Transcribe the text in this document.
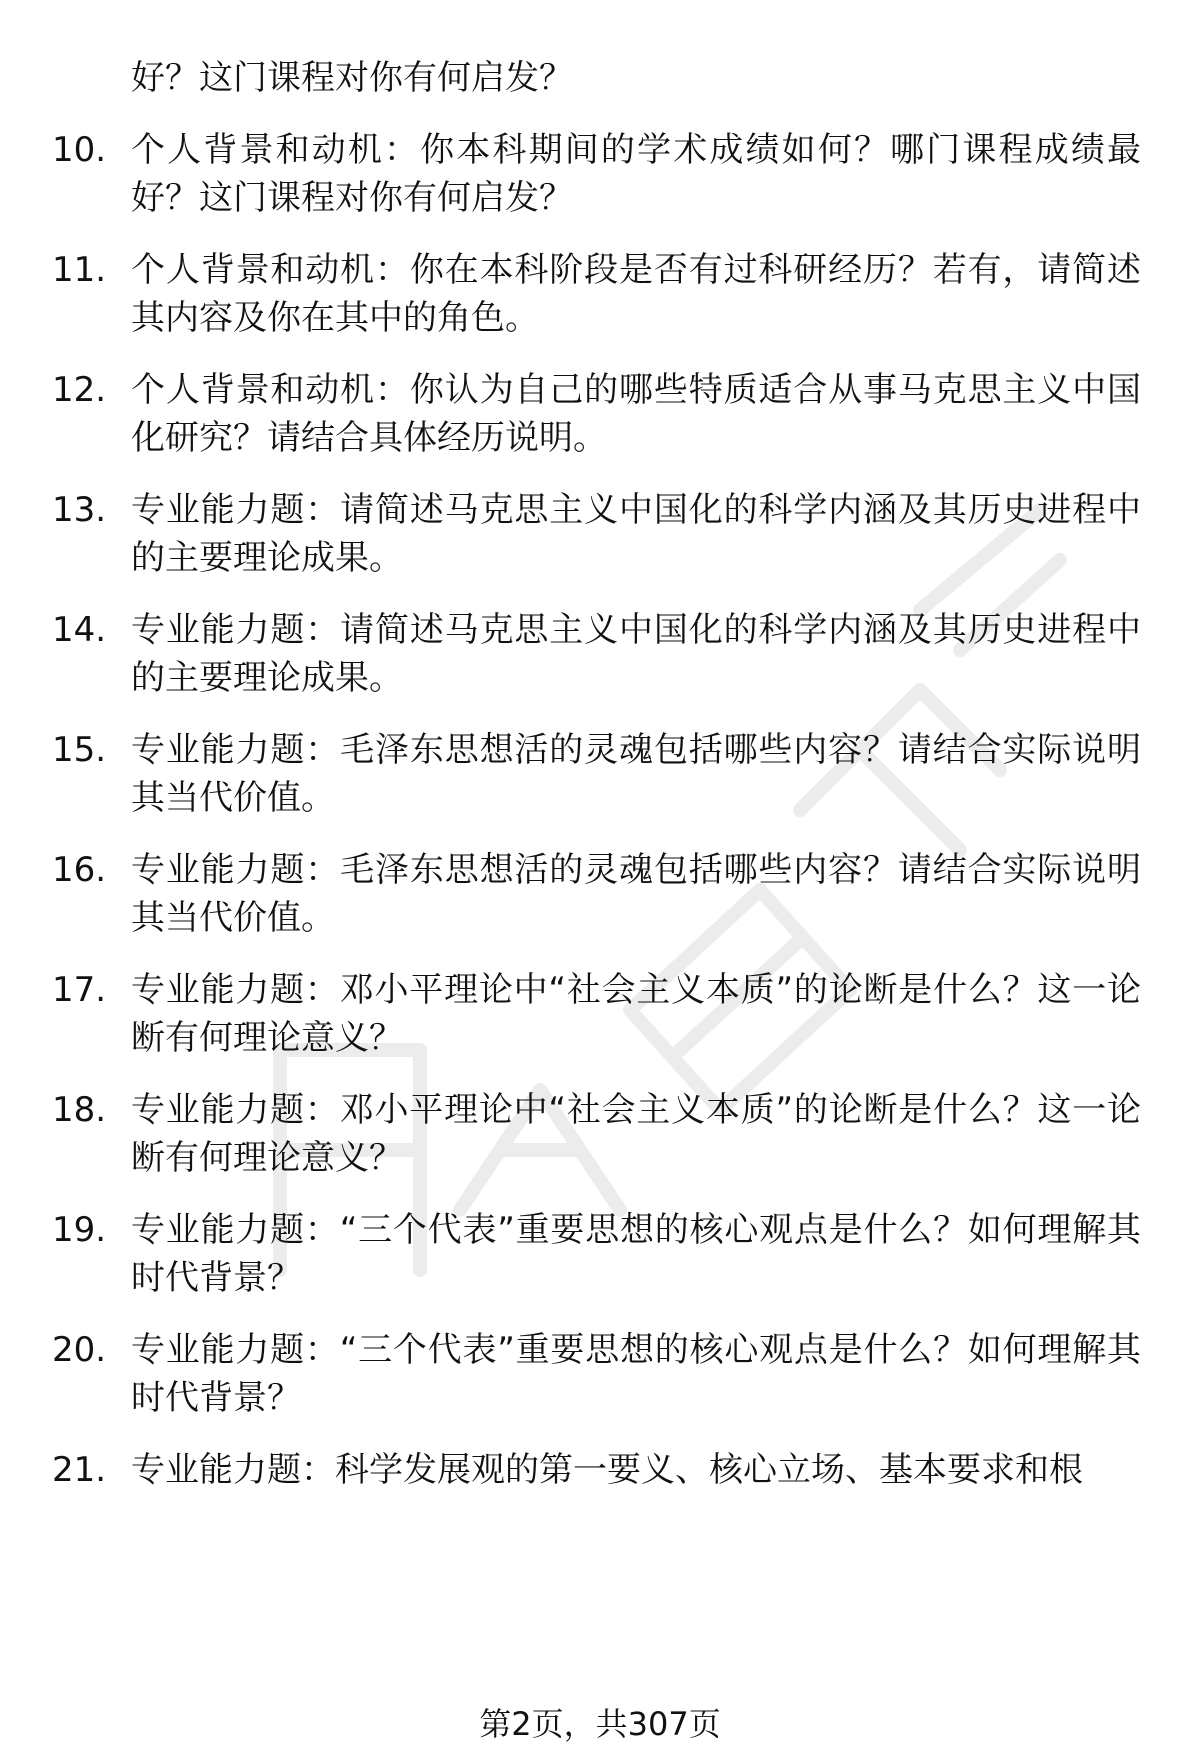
好？这门课程对你有何启发？
10. 个人背景和动机：你本科期间的学术成绩如何？哪门课程成绩最好？这门课程对你有何启发？
11. 个人背景和动机：你在本科阶段是否有过科研经历？若有，请简述其内容及你在其中的角色。
12. 个人背景和动机：你认为自己的哪些特质适合从事马克思主义中国化研究？请结合具体经历说明。
13. 专业能力题：请简述马克思主义中国化的科学内涵及其历史进程中的主要理论成果。
14. 专业能力题：请简述马克思主义中国化的科学内涵及其历史进程中的主要理论成果。
15. 专业能力题：毛泽东思想活的灵魂包括哪些内容？请结合实际说明其当代价值。
16. 专业能力题：毛泽东思想活的灵魂包括哪些内容？请结合实际说明其当代价值。
17. 专业能力题：邓小平理论中“社会主义本质”的论断是什么？这一论断有何理论意义？
18. 专业能力题：邓小平理论中“社会主义本质”的论断是什么？这一论断有何理论意义？
19. 专业能力题：“三个代表”重要思想的核心观点是什么？如何理解其时代背景？
20. 专业能力题：“三个代表”重要思想的核心观点是什么？如何理解其时代背景？
21. 专业能力题：科学发展观的第一要义、核心立场、基本要求和根
第2页，共307页
